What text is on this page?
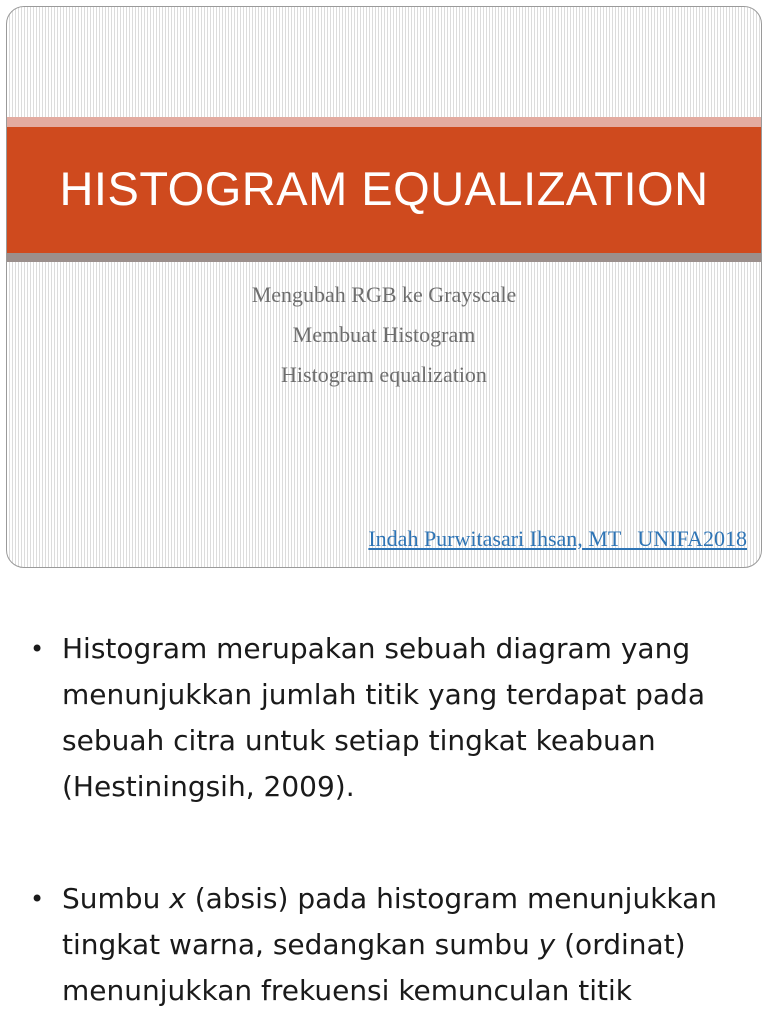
HISTOGRAM EQUALIZATION
Mengubah RGB ke Grayscale
Membuat Histogram
Histogram equalization
Indah Purwitasari Ihsan, MT   UNIFA2018
• Histogram merupakan sebuah diagram yang menunjukkan jumlah titik yang terdapat pada sebuah citra untuk setiap tingkat keabuan (Hestiningsih, 2009).
• Sumbu x (absis) pada histogram menunjukkan tingkat warna, sedangkan sumbu y (ordinat) menunjukkan frekuensi kemunculan titik
